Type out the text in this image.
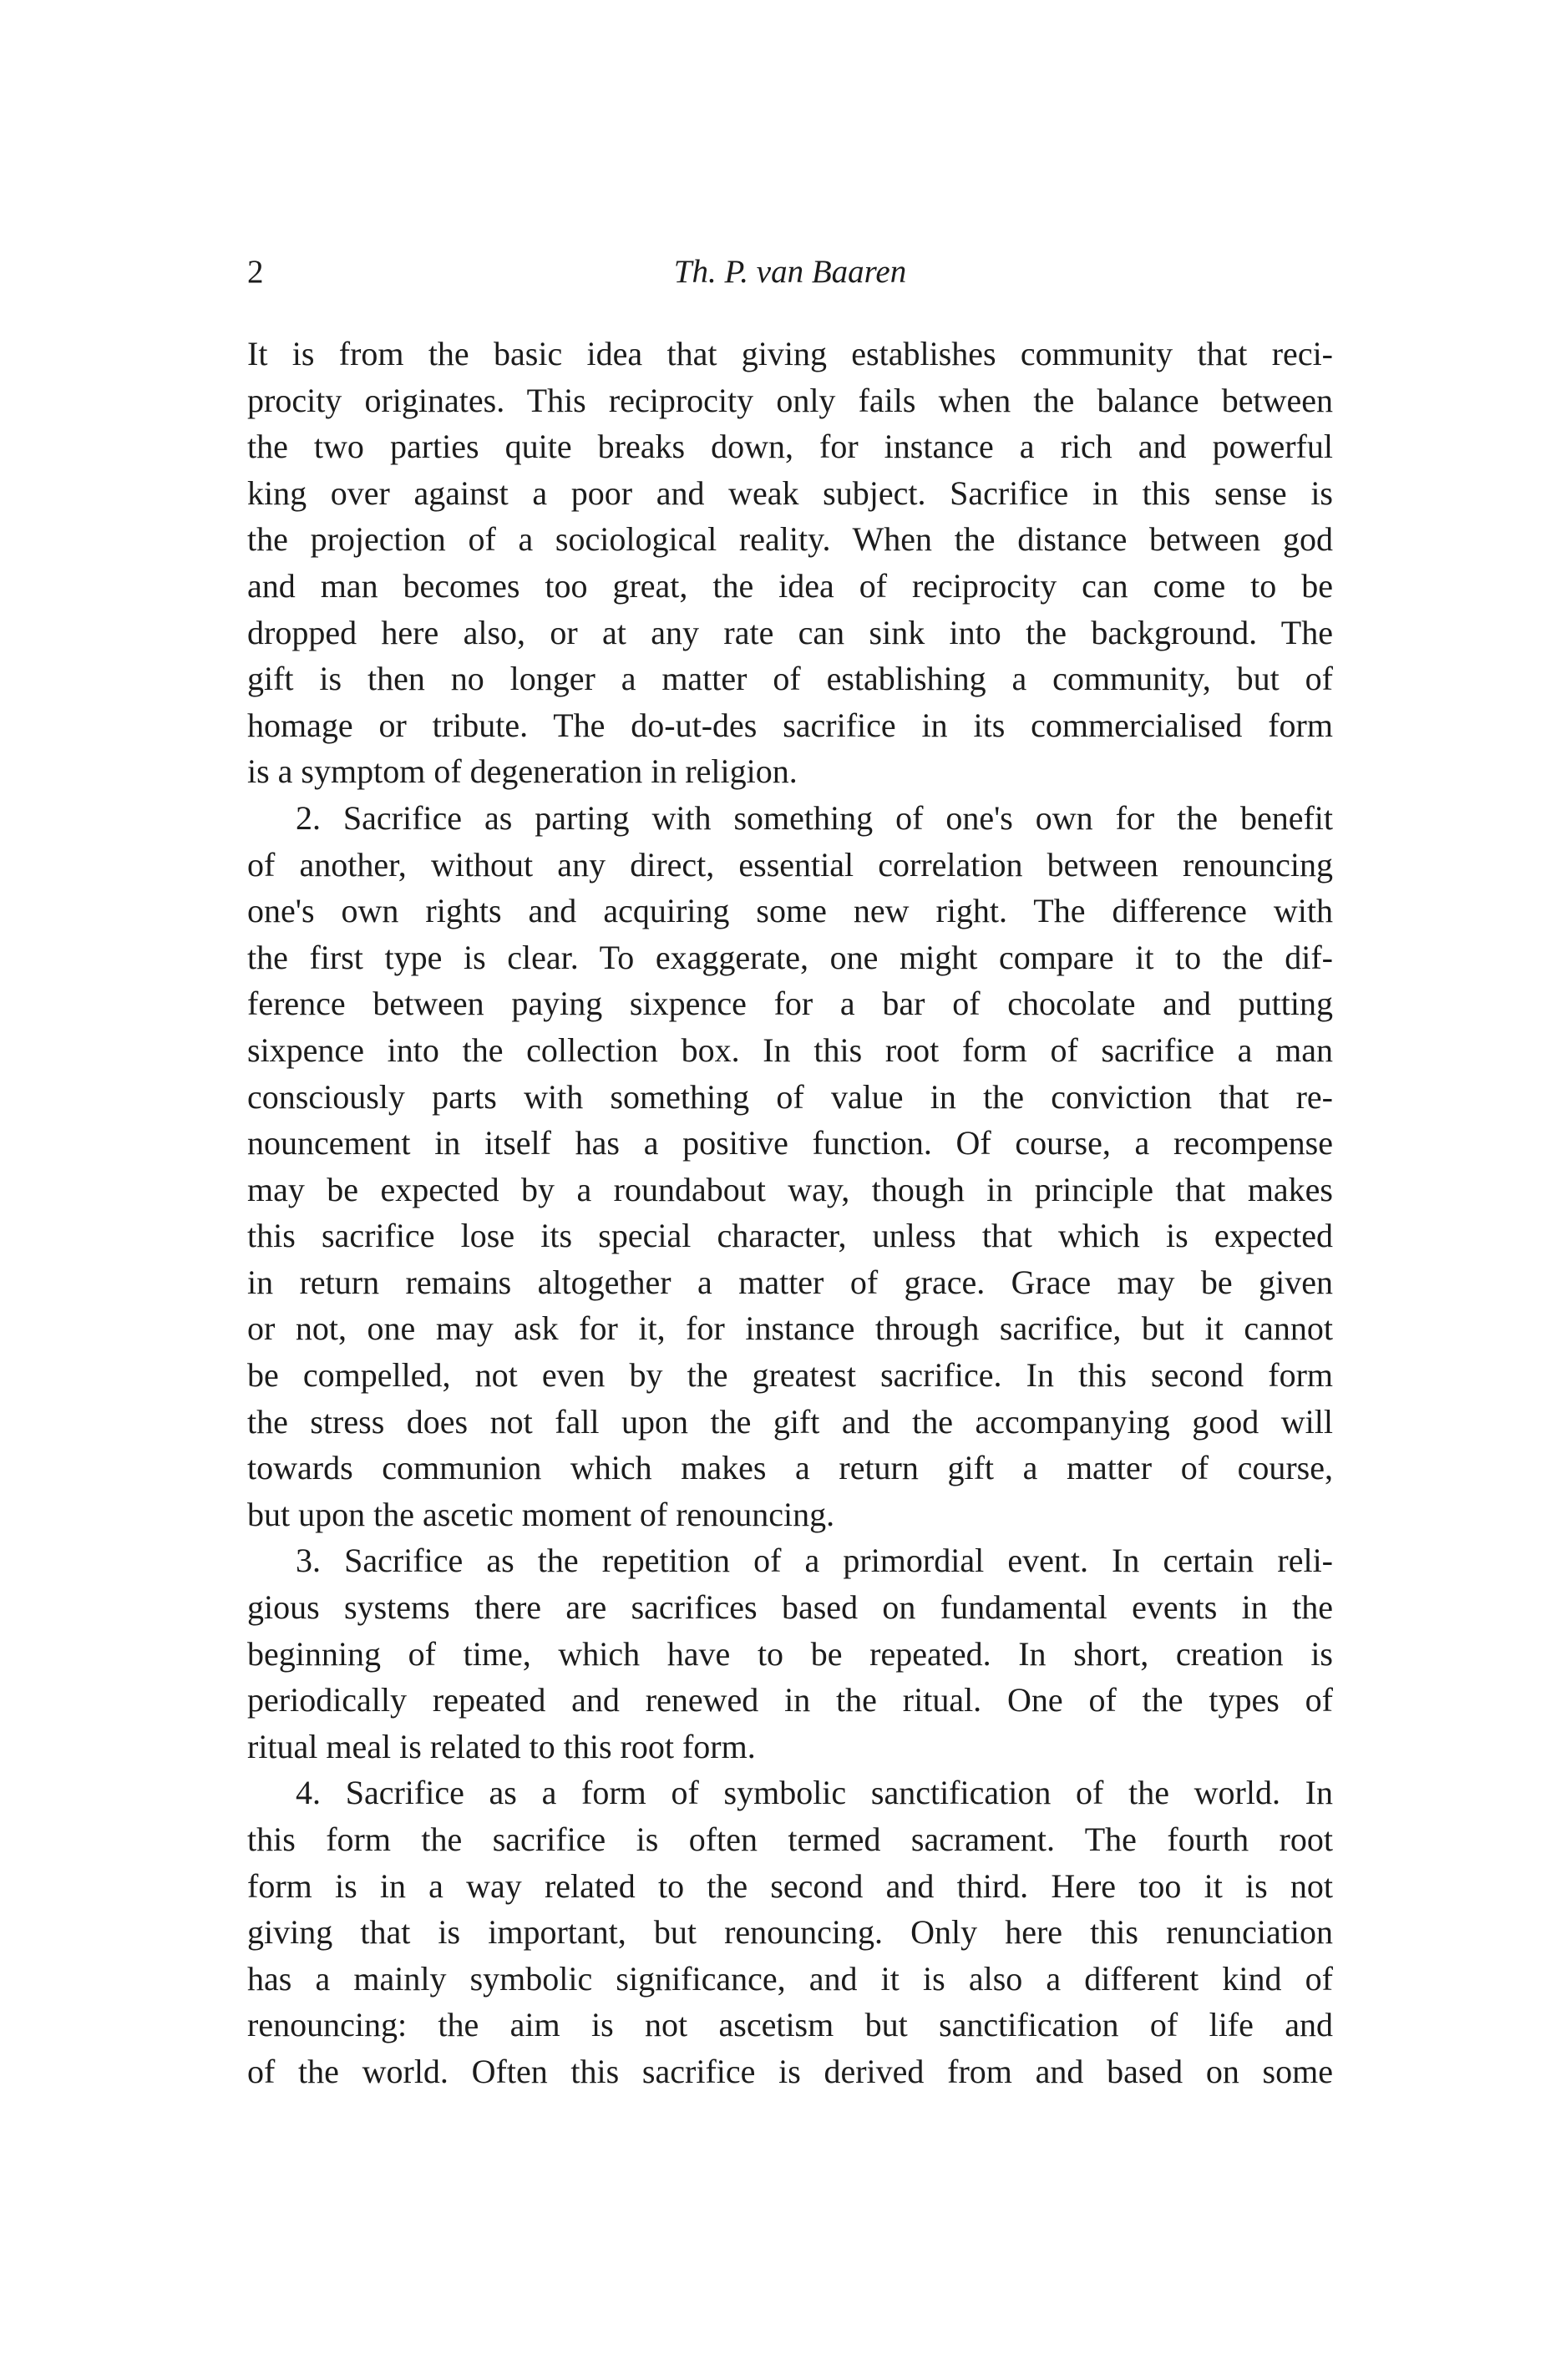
2	Th. P. van Baaren
It is from the basic idea that giving establishes community that reci-
procity originates. This reciprocity only fails when the balance between
the two parties quite breaks down, for instance a rich and powerful
king over against a poor and weak subject. Sacrifice in this sense is
the projection of a sociological reality. When the distance between god
and man becomes too great, the idea of reciprocity can come to be
dropped here also, or at any rate can sink into the background. The
gift is then no longer a matter of establishing a community, but of
homage or tribute. The do-ut-des sacrifice in its commercialised form
is a symptom of degeneration in religion.
2. Sacrifice as parting with something of one's own for the benefit
of another, without any direct, essential correlation between renouncing
one's own rights and acquiring some new right. The difference with
the first type is clear. To exaggerate, one might compare it to the dif-
ference between paying sixpence for a bar of chocolate and putting
sixpence into the collection box. In this root form of sacrifice a man
consciously parts with something of value in the conviction that re-
nouncement in itself has a positive function. Of course, a recompense
may be expected by a roundabout way, though in principle that makes
this sacrifice lose its special character, unless that which is expected
in return remains altogether a matter of grace. Grace may be given
or not, one may ask for it, for instance through sacrifice, but it cannot
be compelled, not even by the greatest sacrifice. In this second form
the stress does not fall upon the gift and the accompanying good will
towards communion which makes a return gift a matter of course,
but upon the ascetic moment of renouncing.
3. Sacrifice as the repetition of a primordial event. In certain reli-
gious systems there are sacrifices based on fundamental events in the
beginning of time, which have to be repeated. In short, creation is
periodically repeated and renewed in the ritual. One of the types of
ritual meal is related to this root form.
4. Sacrifice as a form of symbolic sanctification of the world. In
this form the sacrifice is often termed sacrament. The fourth root
form is in a way related to the second and third. Here too it is not
giving that is important, but renouncing. Only here this renunciation
has a mainly symbolic significance, and it is also a different kind of
renouncing: the aim is not ascetism but sanctification of life and
of the world. Often this sacrifice is derived from and based on some
